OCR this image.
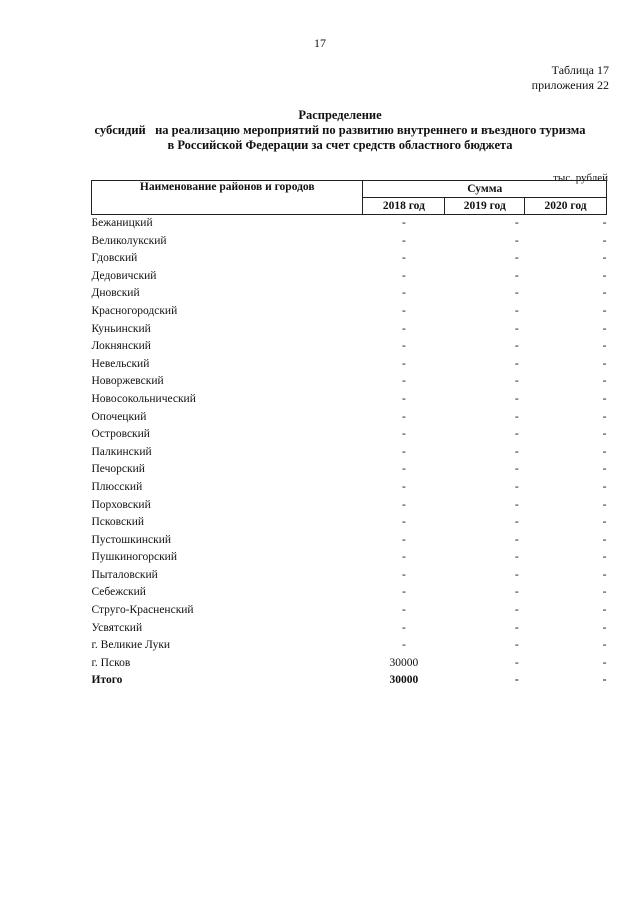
17
Таблица 17
приложения 22
Распределение
субсидий   на реализацию мероприятий по развитию внутреннего и въездного туризма
в Российской Федерации за счет средств областного бюджета
тыс. рублей
Наименование районов и городов	Сумма		
	2018 год	2019 год	2020 год
Бежаницкий	-	-	-
Великолукский	-	-	-
Гдовский	-	-	-
Дедовичский	-	-	-
Дновский	-	-	-
Красногородский	-	-	-
Куньинский	-	-	-
Локнянский	-	-	-
Невельский	-	-	-
Новоржевский	-	-	-
Новосокольнический	-	-	-
Опочецкий	-	-	-
Островский	-	-	-
Палкинский	-	-	-
Печорский	-	-	-
Плюсский	-	-	-
Порховский	-	-	-
Псковский	-	-	-
Пустошкинский	-	-	-
Пушкиногорский	-	-	-
Пыталовский	-	-	-
Себежский	-	-	-
Струго-Красненский	-	-	-
Усвятский	-	-	-
г. Великие Луки	-	-	-
г. Псков	30000	-	-
Итого	30000	-	-
